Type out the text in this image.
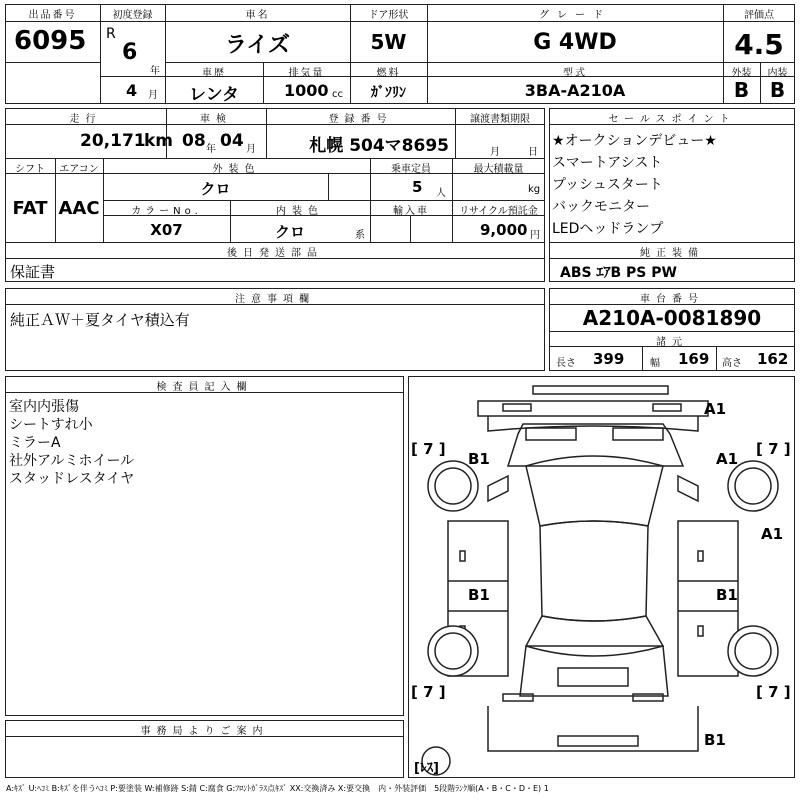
出品番号
6095
初度登録
R
6
年
4 月
車名
ライズ
ドア形状
5W
グレード
G 4WD
評価点
4.5
車歴
レンタ
排気量
1000 cc
燃料
ｶﾞｿﾘﾝ
型式
3BA-A210A
外装	内装
B	B
走行
20,171
km
車検
08 年 04 月
登録番号
札幌 504マ8695
譲渡書類期限
月	日
シフト
FAT
エアコン
AAC
外装色
クロ
乗車定員
5 人
最大積載量
kg
カラーNo.
X07
内装色
クロ	系
輸入車	リサイクル預託金
9,000 円
後日発送部品
保証書
セールスポイント
★オークションデビュー★
スマートアシスト
プッシュスタート
バックモニター
LEDヘッドランプ
純正装備
ABS ｴｱB PS PW
注意事項欄
純正ＡＷ＋夏タイヤ積込有
車台番号
A210A-0081890
諸元
長さ 399	幅 169 高さ 162
検査員記入欄
室内内張傷
シートすれ小
ミラーA
社外アルミホイール
スタッドレスタイヤ
事務局よりご案内
A1
B1	A1
A1
B1	B1
B1
[ 7 ]	[ 7 ]
[ 7 ]	[ 7 ]
[ﾚｽ]
A:ｷｽﾞ U:ﾍｺﾐ B:ｷｽﾞを伴うﾍｺﾐ P:要塗装 W:補修跡 S:錆 C:腐食 G:ﾌﾛﾝﾄｶﾞﾗｽ点ｷｽﾞ XX:交換済み X:要交換　内・外装評価　5段階ﾗﾝｸ順(A・B・C・D・E) 1
